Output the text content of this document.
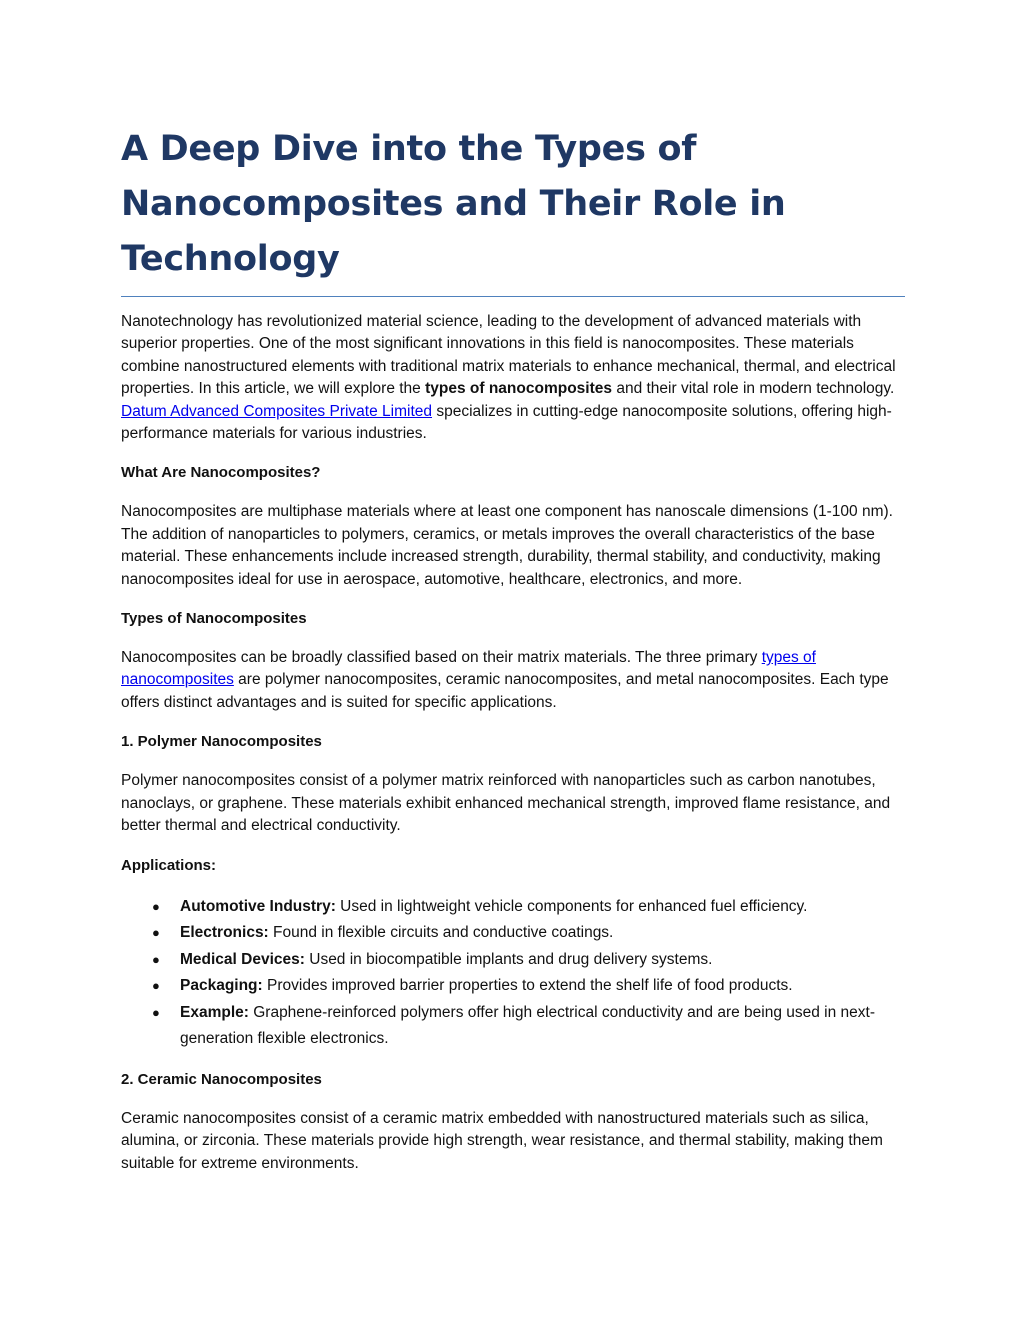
A Deep Dive into the Types of Nanocomposites and Their Role in Technology

Nanotechnology has revolutionized material science, leading to the development of advanced materials with superior properties. One of the most significant innovations in this field is nanocomposites. These materials combine nanostructured elements with traditional matrix materials to enhance mechanical, thermal, and electrical properties. In this article, we will explore the types of nanocomposites and their vital role in modern technology. Datum Advanced Composites Private Limited specializes in cutting-edge nanocomposite solutions, offering high-performance materials for various industries.

What Are Nanocomposites?

Nanocomposites are multiphase materials where at least one component has nanoscale dimensions (1-100 nm). The addition of nanoparticles to polymers, ceramics, or metals improves the overall characteristics of the base material. These enhancements include increased strength, durability, thermal stability, and conductivity, making nanocomposites ideal for use in aerospace, automotive, healthcare, electronics, and more.

Types of Nanocomposites

Nanocomposites can be broadly classified based on their matrix materials. The three primary types of nanocomposites are polymer nanocomposites, ceramic nanocomposites, and metal nanocomposites. Each type offers distinct advantages and is suited for specific applications.

1. Polymer Nanocomposites

Polymer nanocomposites consist of a polymer matrix reinforced with nanoparticles such as carbon nanotubes, nanoclays, or graphene. These materials exhibit enhanced mechanical strength, improved flame resistance, and better thermal and electrical conductivity.

Applications:

● Automotive Industry: Used in lightweight vehicle components for enhanced fuel efficiency.
● Electronics: Found in flexible circuits and conductive coatings.
● Medical Devices: Used in biocompatible implants and drug delivery systems.
● Packaging: Provides improved barrier properties to extend the shelf life of food products.
● Example: Graphene-reinforced polymers offer high electrical conductivity and are being used in next-generation flexible electronics.

2. Ceramic Nanocomposites

Ceramic nanocomposites consist of a ceramic matrix embedded with nanostructured materials such as silica, alumina, or zirconia. These materials provide high strength, wear resistance, and thermal stability, making them suitable for extreme environments.
